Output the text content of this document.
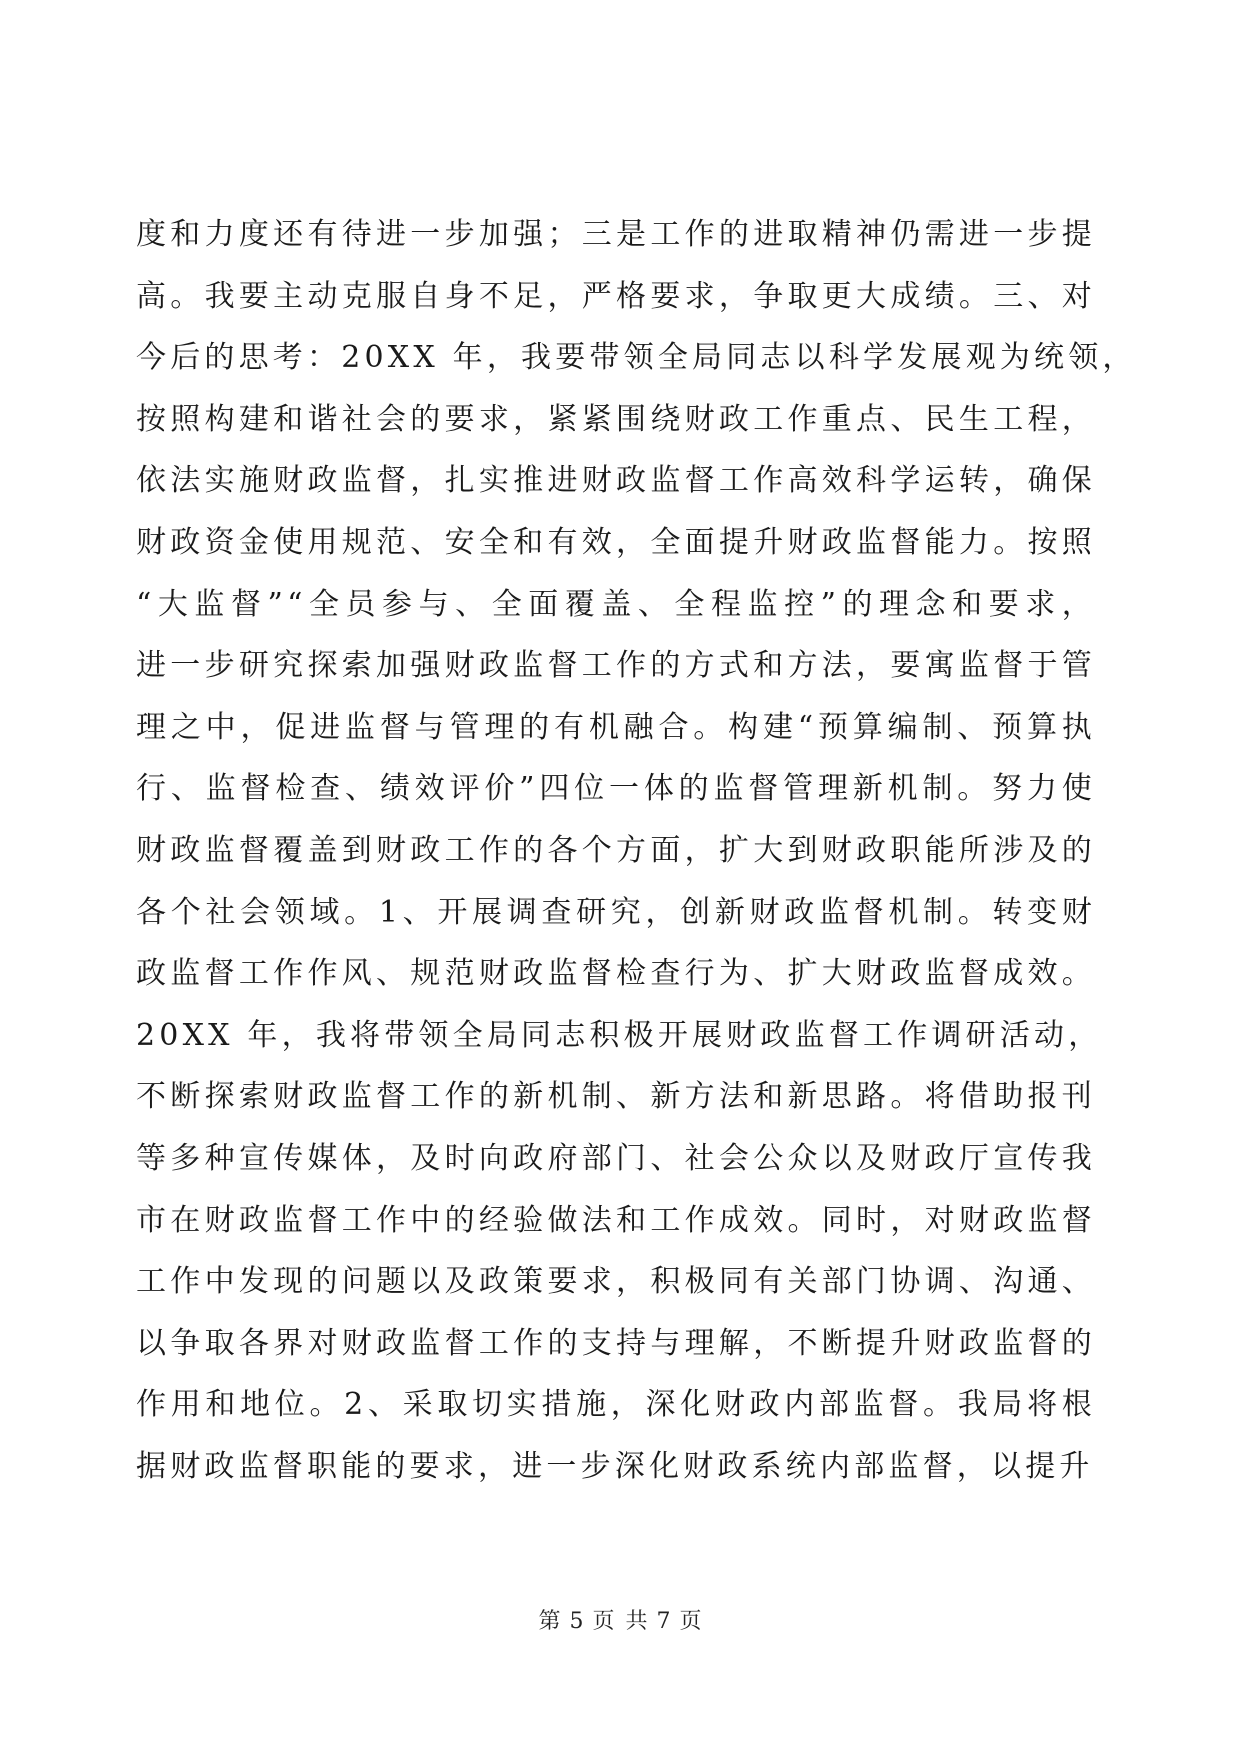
度和力度还有待进一步加强；三是工作的进取精神仍需进一步提
高。我要主动克服自身不足，严格要求，争取更大成绩。三、对
今后的思考：20XX 年，我要带领全局同志以科学发展观为统领，
按照构建和谐社会的要求，紧紧围绕财政工作重点、民生工程，
依法实施财政监督，扎实推进财政监督工作高效科学运转，确保
财政资金使用规范、安全和有效，全面提升财政监督能力。按照
“大监督”“全员参与、全面覆盖、全程监控”的理念和要求，
进一步研究探索加强财政监督工作的方式和方法，要寓监督于管
理之中，促进监督与管理的有机融合。构建“预算编制、预算执
行、监督检查、绩效评价”四位一体的监督管理新机制。努力使
财政监督覆盖到财政工作的各个方面，扩大到财政职能所涉及的
各个社会领域。1、开展调查研究，创新财政监督机制。转变财
政监督工作作风、规范财政监督检查行为、扩大财政监督成效。
20XX 年，我将带领全局同志积极开展财政监督工作调研活动，
不断探索财政监督工作的新机制、新方法和新思路。将借助报刊
等多种宣传媒体，及时向政府部门、社会公众以及财政厅宣传我
市在财政监督工作中的经验做法和工作成效。同时，对财政监督
工作中发现的问题以及政策要求，积极同有关部门协调、沟通、
以争取各界对财政监督工作的支持与理解，不断提升财政监督的
作用和地位。2、采取切实措施，深化财政内部监督。我局将根
据财政监督职能的要求，进一步深化财政系统内部监督，以提升
第 5 页 共 7 页
